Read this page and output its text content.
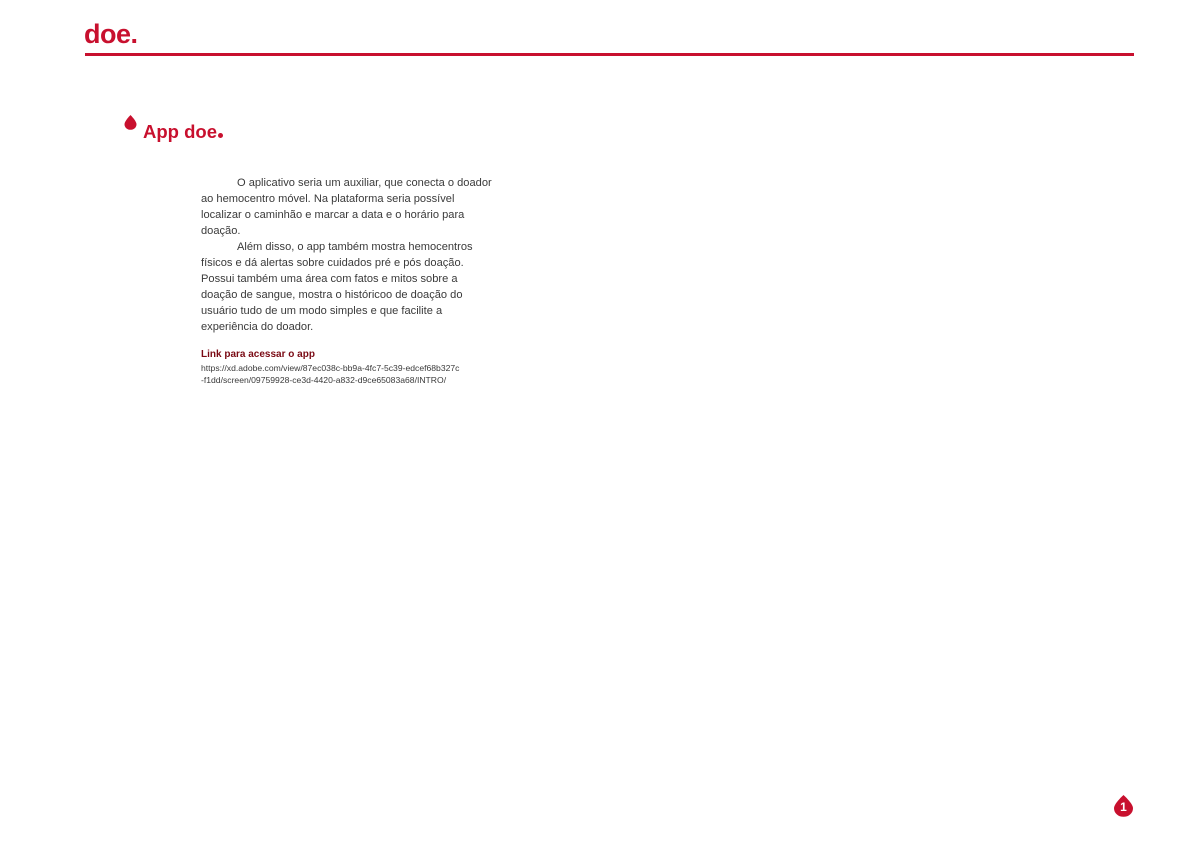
doe.
App doe

O aplicativo seria um auxiliar, que conecta o doador ao hemocentro móvel. Na plataforma seria possível localizar o caminhão e marcar a data e o horário para doação.

Além disso, o app também mostra hemocentros físicos e dá alertas sobre cuidados pré e pós doação. Possui também uma área com fatos e mitos sobre a doação de sangue, mostra o históricoo de doação do usuário tudo de um modo simples e que facilite a experiência do doador.

Link para acessar o app
https://xd.adobe.com/view/87ec038c-bb9a-4fc7-5c39-edcef68b327c-f1dd/screen/09759928-ce3d-4420-a832-d9ce65083a68/INTRO/
1
